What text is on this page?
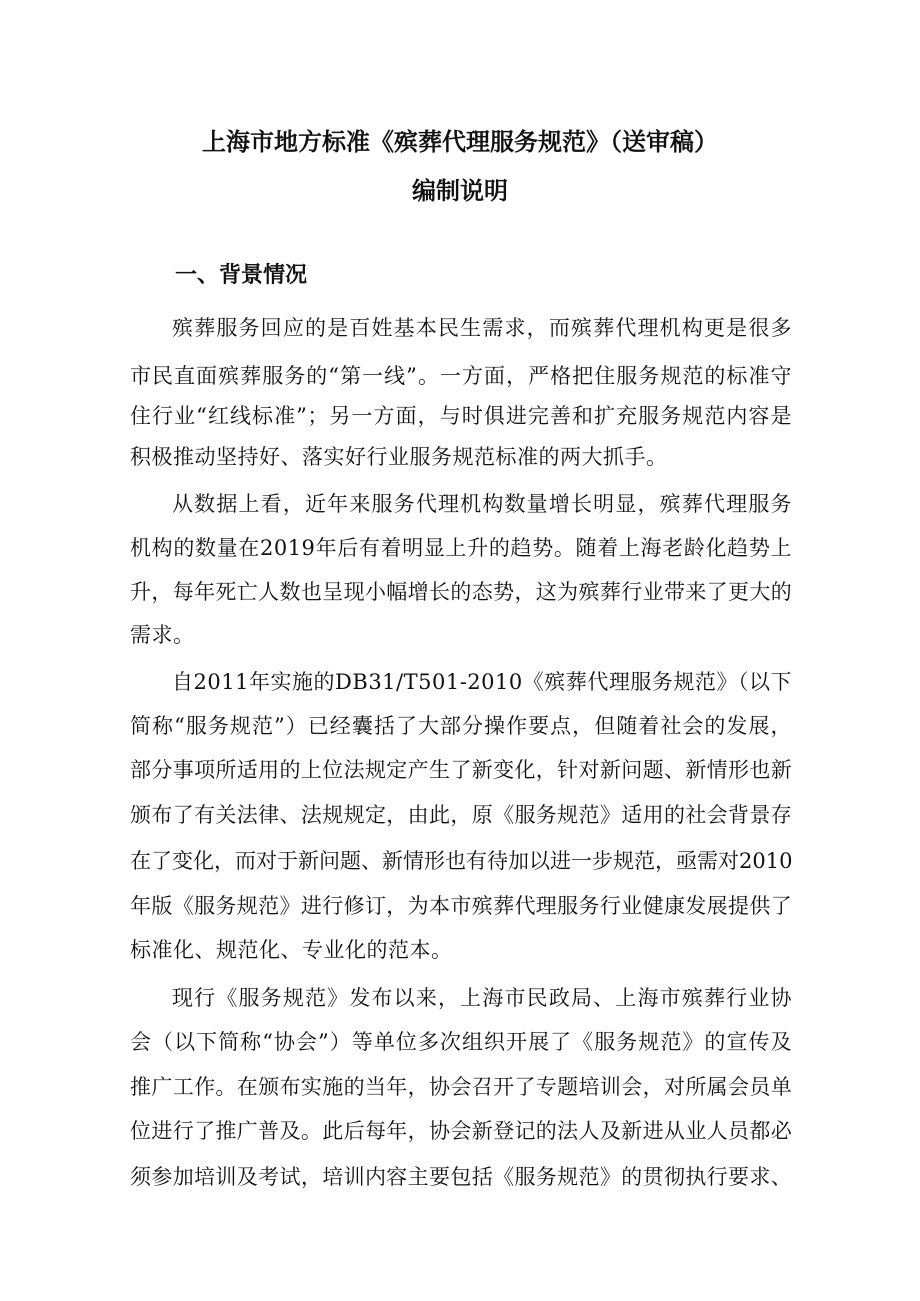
上海市地方标准《殡葬代理服务规范》（送审稿）
编制说明
一、背景情况
殡葬服务回应的是百姓基本民生需求，而殡葬代理机构更是很多
市民直面殡葬服务的“第一线”。一方面，严格把住服务规范的标准守
住行业“红线标准”；另一方面，与时俱进完善和扩充服务规范内容是
积极推动坚持好、落实好行业服务规范标准的两大抓手。
从数据上看，近年来服务代理机构数量增长明显，殡葬代理服务
机构的数量在2019年后有着明显上升的趋势。随着上海老龄化趋势上
升，每年死亡人数也呈现小幅增长的态势，这为殡葬行业带来了更大的
需求。
自2011年实施的DB31/T501-2010《殡葬代理服务规范》（以下
简称“服务规范”）已经囊括了大部分操作要点，但随着社会的发展，
部分事项所适用的上位法规定产生了新变化，针对新问题、新情形也新
颁布了有关法律、法规规定，由此，原《服务规范》适用的社会背景存
在了变化，而对于新问题、新情形也有待加以进一步规范，亟需对2010
年版《服务规范》进行修订，为本市殡葬代理服务行业健康发展提供了
标准化、规范化、专业化的范本。
现行《服务规范》发布以来，上海市民政局、上海市殡葬行业协
会（以下简称“协会”）等单位多次组织开展了《服务规范》的宣传及
推广工作。在颁布实施的当年，协会召开了专题培训会，对所属会员单
位进行了推广普及。此后每年，协会新登记的法人及新进从业人员都必
须参加培训及考试，培训内容主要包括《服务规范》的贯彻执行要求、
